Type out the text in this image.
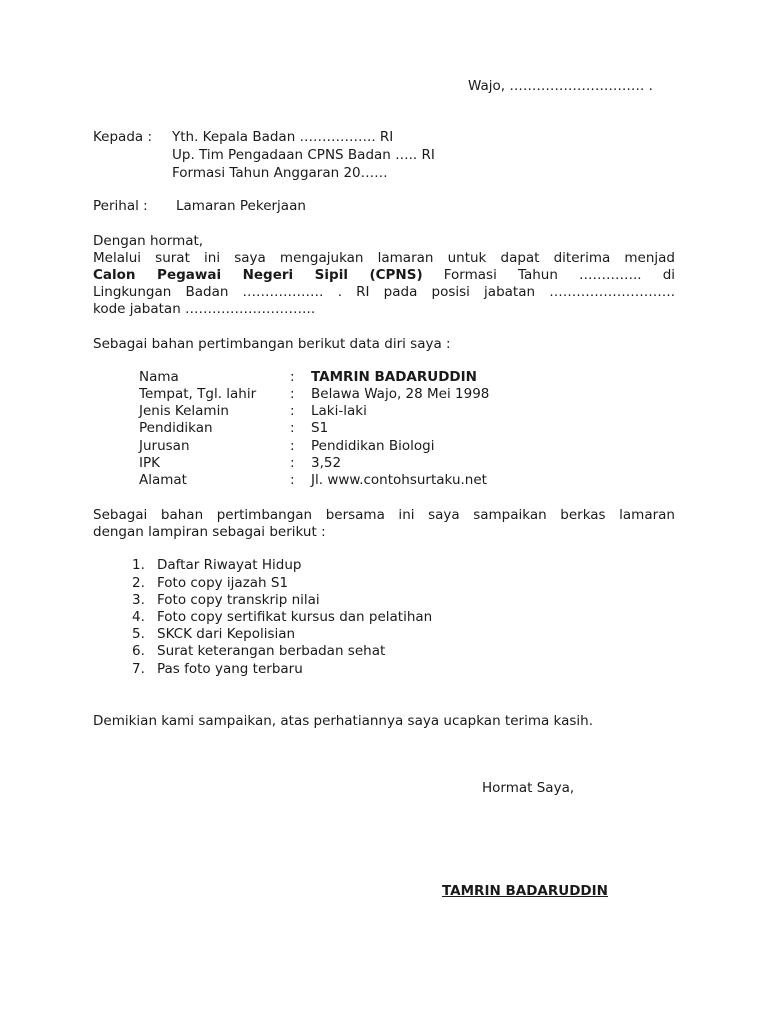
Wajo, ………………………… .
Kepada : Yth. Kepala Badan …………….. RI
Up. Tim Pengadaan CPNS Badan ….. RI
Formasi Tahun Anggaran 20……
Perihal : Lamaran Pekerjaan
Dengan hormat,
Melalui surat ini saya mengajukan lamaran untuk dapat diterima menjad
Calon Pegawai Negeri Sipil (CPNS) Formasi Tahun ………….. di
Lingkungan Badan ……………… . RI pada posisi jabatan ……………………….
kode jabatan ………………………..
Sebagai bahan pertimbangan berikut data diri saya :
Nama	: TAMRIN BADARUDDIN
Tempat, Tgl. lahir	: Belawa Wajo, 28 Mei 1998
Jenis Kelamin	: Laki-laki
Pendidikan	: S1
Jurusan	: Pendidikan Biologi
IPK	: 3,52
Alamat	: Jl. www.contohsurtaku.net
Sebagai bahan pertimbangan bersama ini saya sampaikan berkas lamaran
dengan lampiran sebagai berikut :
1. Daftar Riwayat Hidup
2. Foto copy ijazah S1
3. Foto copy transkrip nilai
4. Foto copy sertifikat kursus dan pelatihan
5. SKCK dari Kepolisian
6. Surat keterangan berbadan sehat
7. Pas foto yang terbaru
Demikian kami sampaikan, atas perhatiannya saya ucapkan terima kasih.
Hormat Saya,
TAMRIN BADARUDDIN
